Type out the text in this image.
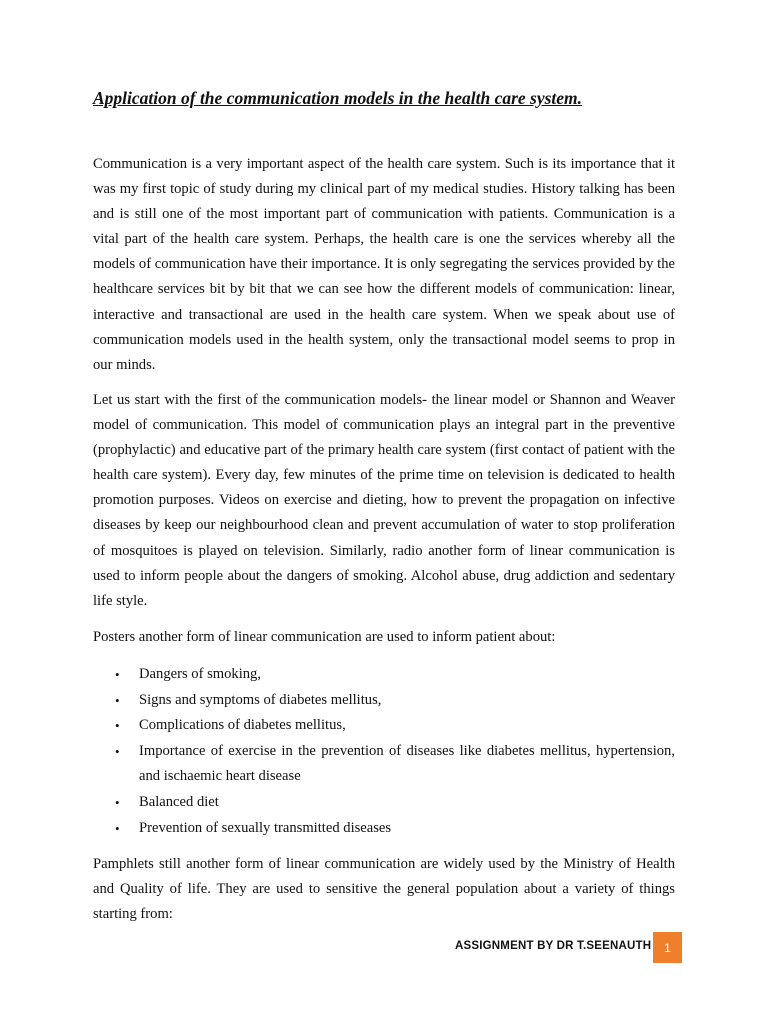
Application of the communication models in the health care system.

Communication is a very important aspect of the health care system. Such is its importance that it was my first topic of study during my clinical part of my medical studies. History talking has been and is still one of the most important part of communication with patients. Communication is a vital part of the health care system. Perhaps, the health care is one the services whereby all the models of communication have their importance. It is only segregating the services provided by the healthcare services bit by bit that we can see how the different models of communication: linear, interactive and transactional are used in the health care system. When we speak about use of communication models used in the health system, only the transactional model seems to prop in our minds.

Let us start with the first of the communication models- the linear model or Shannon and Weaver model of communication. This model of communication plays an integral part in the preventive (prophylactic) and educative part of the primary health care system (first contact of patient with the health care system). Every day, few minutes of the prime time on television is dedicated to health promotion purposes. Videos on exercise and dieting, how to prevent the propagation on infective diseases by keep our neighbourhood clean and prevent accumulation of water to stop proliferation of mosquitoes is played on television. Similarly, radio another form of linear communication is used to inform people about the dangers of smoking. Alcohol abuse, drug addiction and sedentary life style.

Posters another form of linear communication are used to inform patient about:

• Dangers of smoking,
• Signs and symptoms of diabetes mellitus,
• Complications of diabetes mellitus,
• Importance of exercise in the prevention of diseases like diabetes mellitus, hypertension, and ischaemic heart disease
• Balanced diet
• Prevention of sexually transmitted diseases

Pamphlets still another form of linear communication are widely used by the Ministry of Health and Quality of life. They are used to sensitive the general population about a variety of things starting from:

ASSIGNMENT BY DR T.SEENAUTH 1
